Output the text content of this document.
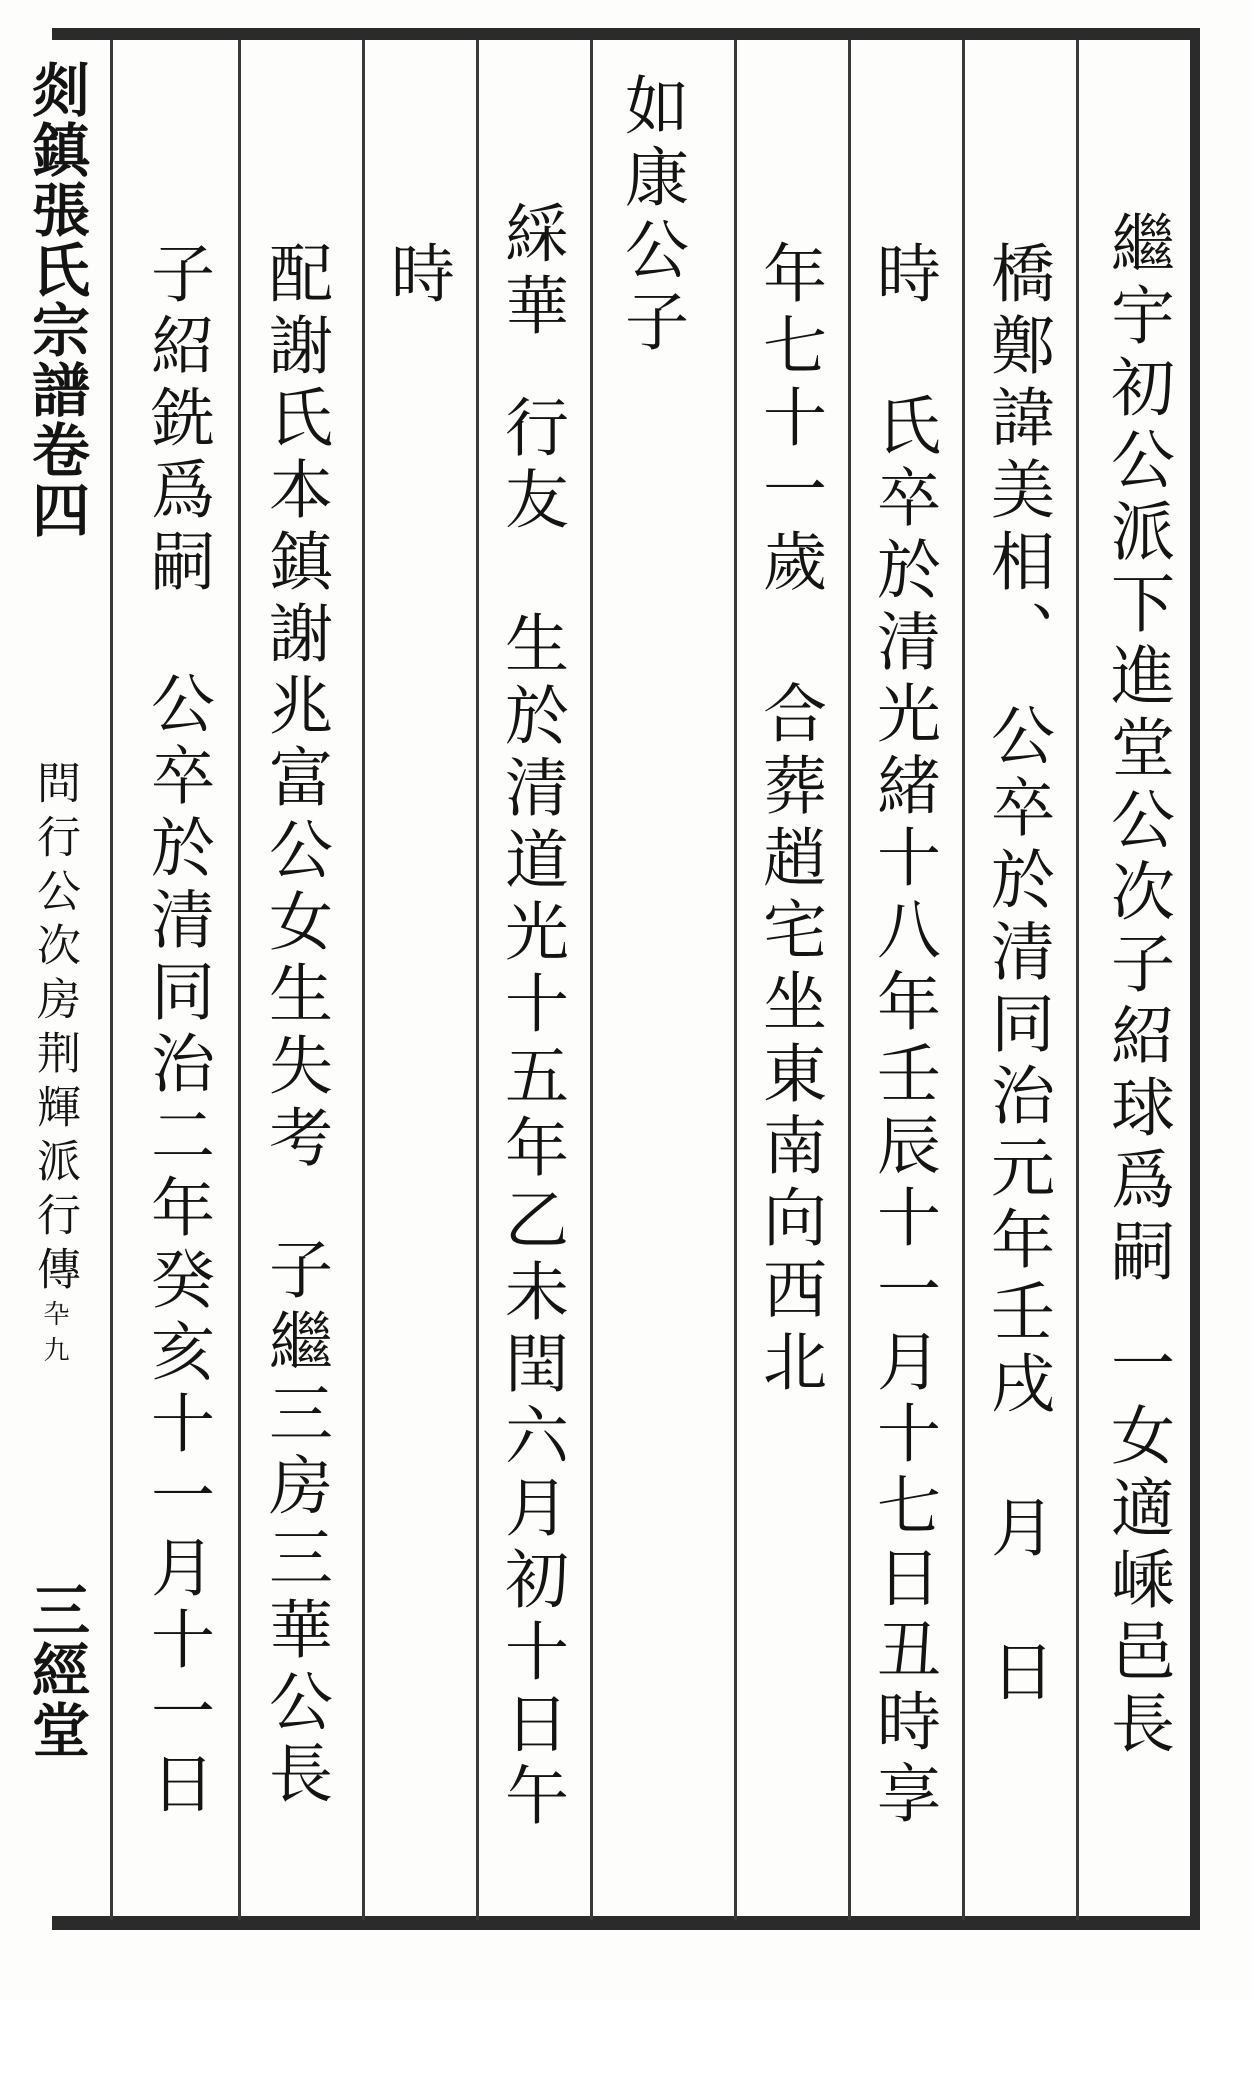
繼宇初公派下進堂公次子紹球爲嗣一女適嵊邑長
橋鄭諱美相、公卒於清同治元年壬戌　月　日
時氏卒於清光緒十八年壬辰十一月十七日丑時享
年七十一歲合葬趙宅坐東南向西北
如康公子
綵華行友　生於清道光十五年乙未閏六月初十日午
時
配謝氏本鎮謝兆富公女生失考子繼三房三華公長
子紹銑爲嗣公卒於清同治二年癸亥十一月十一日
剡鎮張氏宗譜卷四
問行公次房荆輝派行傳卆九
三經堂
